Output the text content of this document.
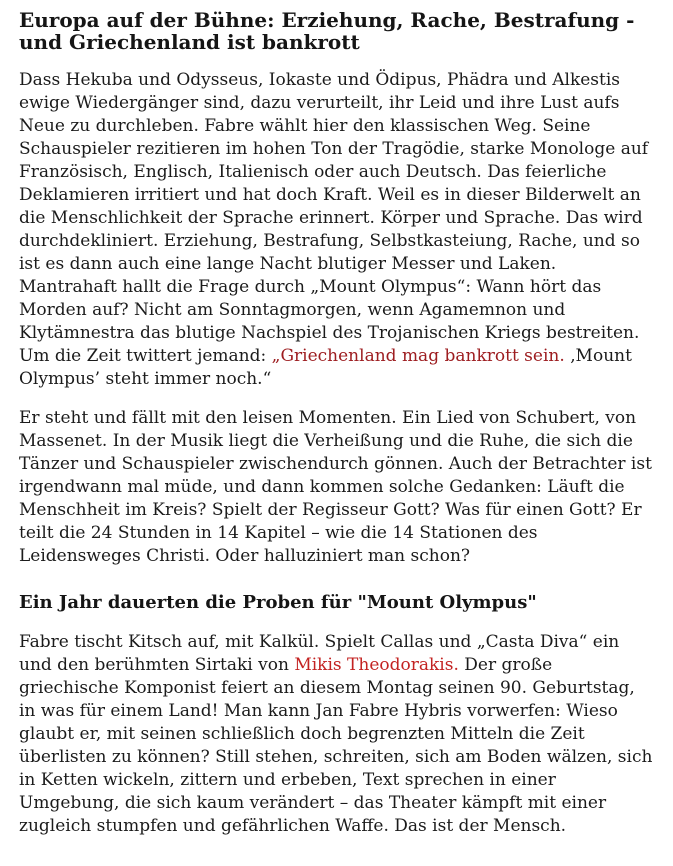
Europa auf der Bühne: Erziehung, Rache, Bestrafung - und Griechenland ist bankrott

Dass Hekuba und Odysseus, Iokaste und Ödipus, Phädra und Alkestis ewige Wiedergänger sind, dazu verurteilt, ihr Leid und ihre Lust aufs Neue zu durchleben. Fabre wählt hier den klassischen Weg. Seine Schauspieler rezitieren im hohen Ton der Tragödie, starke Monologe auf Französisch, Englisch, Italienisch oder auch Deutsch. Das feierliche Deklamieren irritiert und hat doch Kraft. Weil es in dieser Bilderwelt an die Menschlichkeit der Sprache erinnert. Körper und Sprache. Das wird durchdekliniert. Erziehung, Bestrafung, Selbstkasteiung, Rache, und so ist es dann auch eine lange Nacht blutiger Messer und Laken. Mantrahaft hallt die Frage durch „Mount Olympus“: Wann hört das Morden auf? Nicht am Sonntagmorgen, wenn Agamemnon und Klytämnestra das blutige Nachspiel des Trojanischen Kriegs bestreiten. Um die Zeit twittert jemand: „Griechenland mag bankrott sein. ‚Mount Olympus’ steht immer noch.“

Er steht und fällt mit den leisen Momenten. Ein Lied von Schubert, von Massenet. In der Musik liegt die Verheißung und die Ruhe, die sich die Tänzer und Schauspieler zwischendurch gönnen. Auch der Betrachter ist irgendwann mal müde, und dann kommen solche Gedanken: Läuft die Menschheit im Kreis? Spielt der Regisseur Gott? Was für einen Gott? Er teilt die 24 Stunden in 14 Kapitel – wie die 14 Stationen des Leidensweges Christi. Oder halluziniert man schon?

Ein Jahr dauerten die Proben für "Mount Olympus"

Fabre tischt Kitsch auf, mit Kalkül. Spielt Callas und „Casta Diva“ ein und den berühmten Sirtaki von Mikis Theodorakis. Der große griechische Komponist feiert an diesem Montag seinen 90. Geburtstag, in was für einem Land! Man kann Jan Fabre Hybris vorwerfen: Wieso glaubt er, mit seinen schließlich doch begrenzten Mitteln die Zeit überlisten zu können? Still stehen, schreiten, sich am Boden wälzen, sich in Ketten wickeln, zittern und erbeben, Text sprechen in einer Umgebung, die sich kaum verändert – das Theater kämpft mit einer zugleich stumpfen und gefährlichen Waffe. Das ist der Mensch.
